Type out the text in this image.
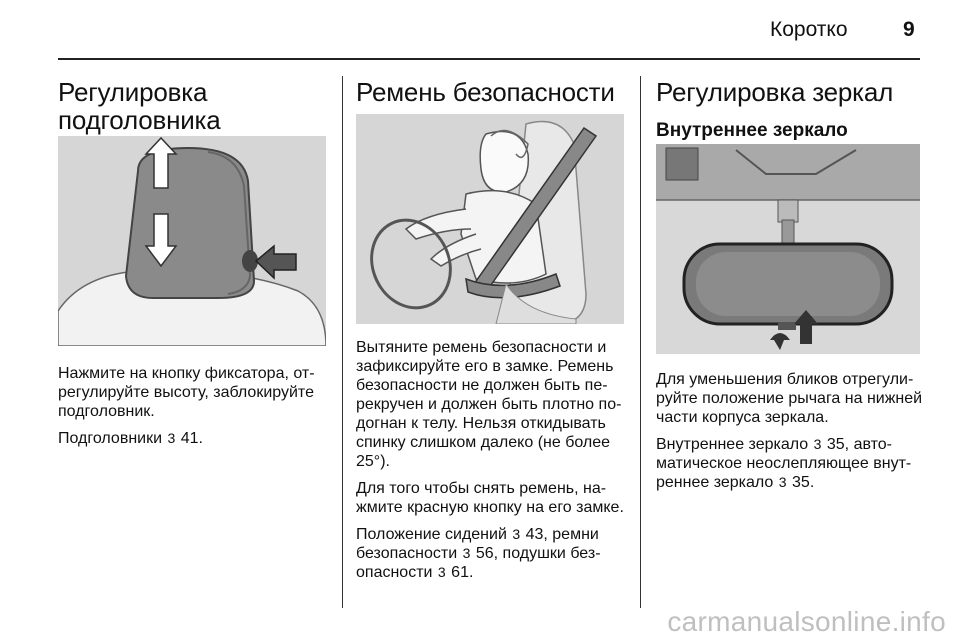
Коротко	9
Регулировка
подголовника

Нажмите на кнопку фиксатора, отрегулируйте высоту, заблокируйте подголовник.

Подголовники 3 41.

Ремень безопасности

Вытяните ремень безопасности и зафиксируйте его в замке. Ремень безопасности не должен быть перекручен и должен быть плотно подогнан к телу. Нельзя откидывать спинку слишком далеко (не более 25°).

Для того чтобы снять ремень, нажмите красную кнопку на его замке.

Положение сидений 3 43, ремни безопасности 3 56, подушки безопасности 3 61.

Регулировка зеркал
Внутреннее зеркало

Для уменьшения бликов отрегулируйте положение рычага на нижней части корпуса зеркала.

Внутреннее зеркало 3 35, автоматическое неослепляющее внутреннее зеркало 3 35.

carmanualsonline.info
